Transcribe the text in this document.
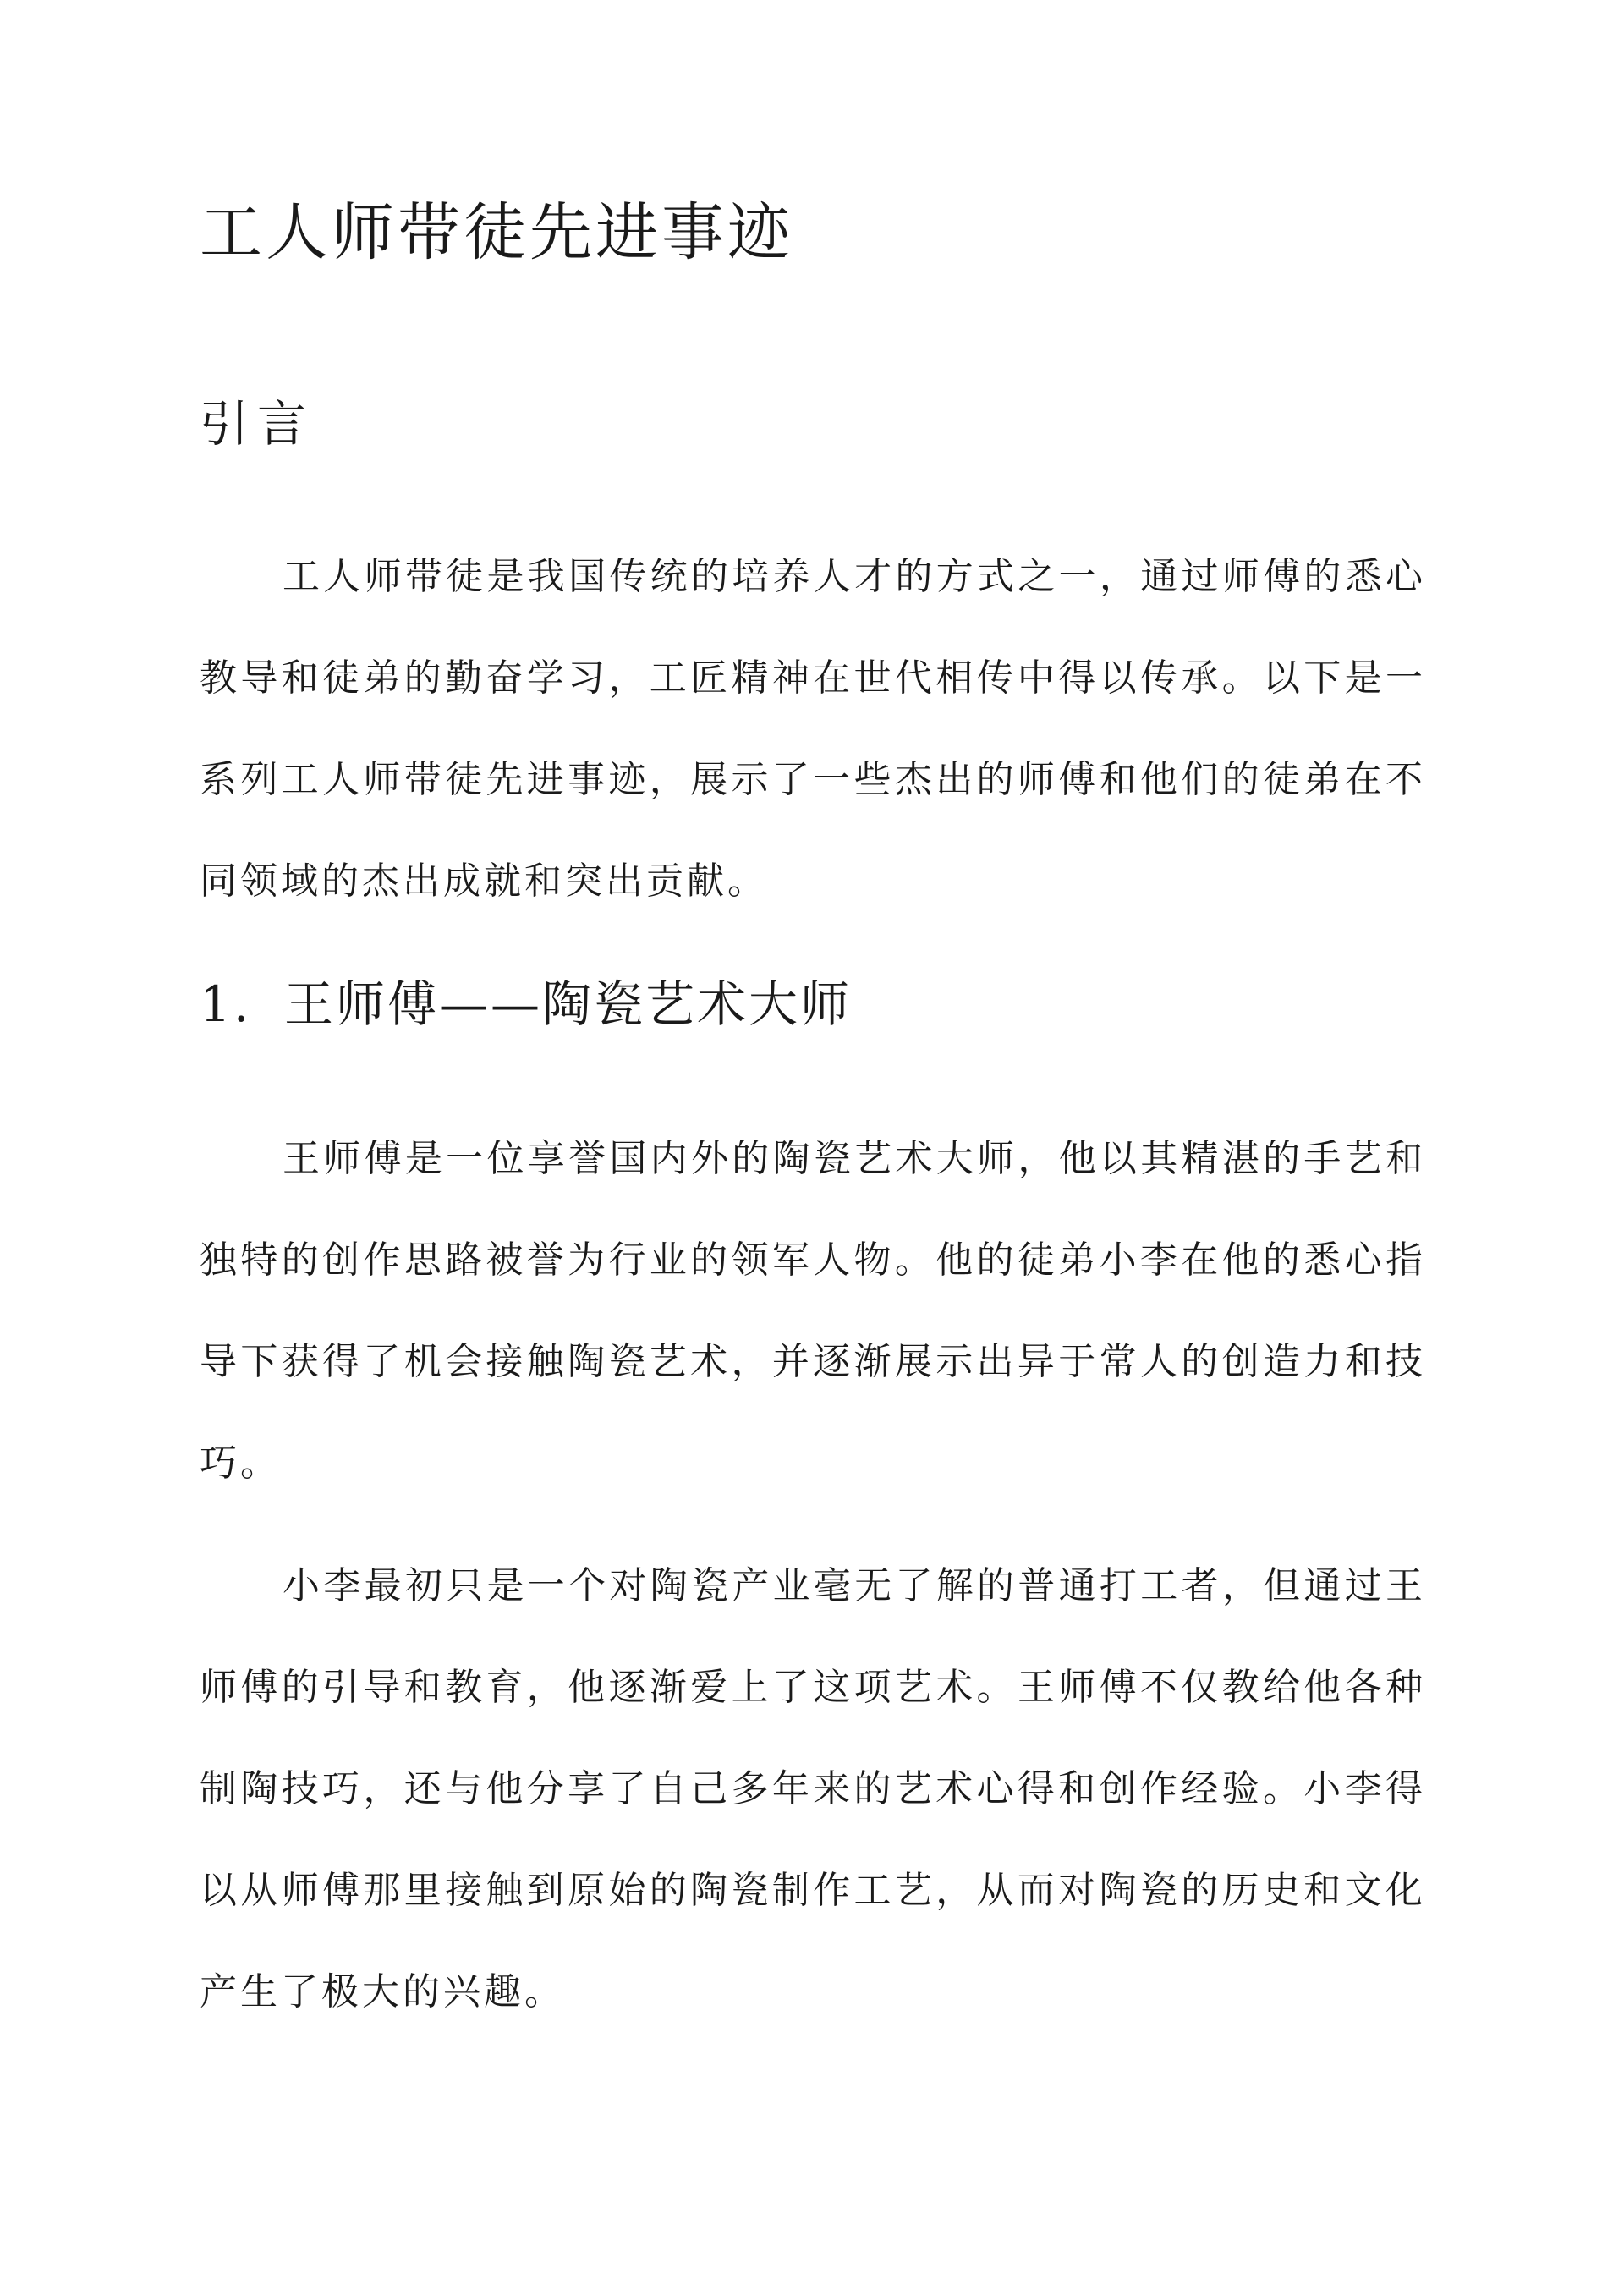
工人师带徒先进事迹
引言

工人师带徒是我国传统的培养人才的方式之一，通过师傅的悉心教导和徒弟的勤奋学习，工匠精神在世代相传中得以传承。以下是一系列工人师带徒先进事迹，展示了一些杰出的师傅和他们的徒弟在不同领域的杰出成就和突出贡献。

1. 王师傅——陶瓷艺术大师

王师傅是一位享誉国内外的陶瓷艺术大师，他以其精湛的手艺和独特的创作思路被誉为行业的领军人物。他的徒弟小李在他的悉心指导下获得了机会接触陶瓷艺术，并逐渐展示出异于常人的创造力和技巧。

小李最初只是一个对陶瓷产业毫无了解的普通打工者，但通过王师傅的引导和教育，他逐渐爱上了这项艺术。王师傅不仅教给他各种制陶技巧，还与他分享了自己多年来的艺术心得和创作经验。小李得以从师傅那里接触到原始的陶瓷制作工艺，从而对陶瓷的历史和文化产生了极大的兴趣。
